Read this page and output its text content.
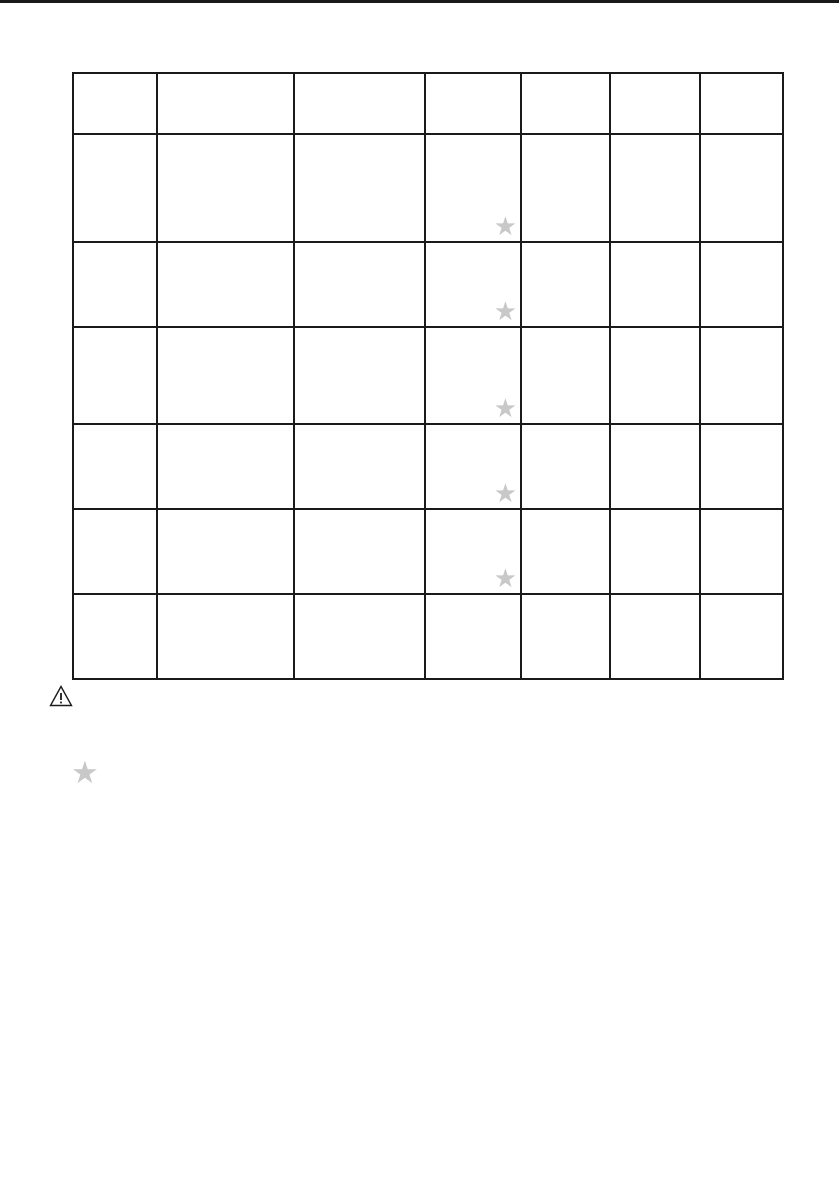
			★			

			★			

			★			

			★			

			★			

★
